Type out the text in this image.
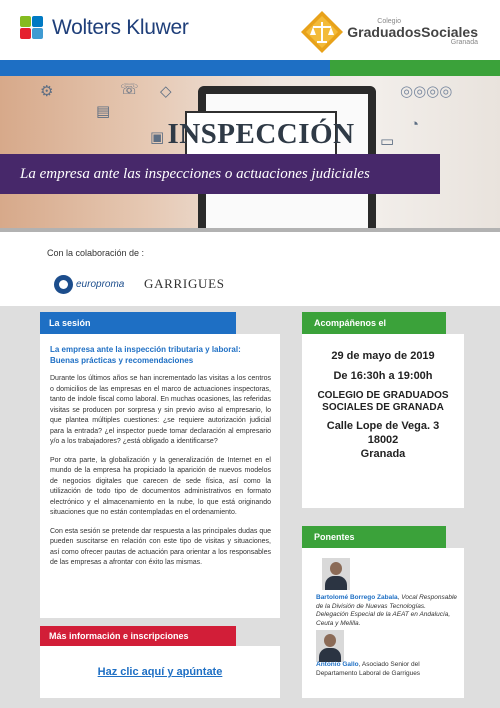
Wolters Kluwer	Colegio
GraduadosSociales
Granada
⚙	☏ ◇
▤
▣
◎◎◎◎
◔
▭
INSPECCIÓN
La empresa ante las inspecciones o actuaciones judiciales
Con la colaboración de :
europroma GARRIGUES
La sesión
La empresa ante la inspección tributaria y laboral: Buenas prácticas y recomendaciones

Durante los últimos años se han incrementado las visitas a los centros o domicilios de las empresas en el marco de actuaciones inspectoras, tanto de índole fiscal como laboral. En muchas ocasiones, las referidas visitas se producen por sorpresa y sin previo aviso al empresario, lo que plantea múltiples cuestiones: ¿se requiere autorización judicial para la entrada? ¿el inspector puede tomar declaración al empresario y/o a los trabajadores? ¿está obligado a identificarse?

Por otra parte, la globalización y la generalización de Internet en el mundo de la empresa ha propiciado la aparición de nuevos modelos de negocios digitales que carecen de sede física, así como la utilización de todo tipo de documentos administrativos en formato electrónico y el almacenamiento en la nube, lo que está originando situaciones que no están contempladas en el ordenamiento.

Con esta sesión se pretende dar respuesta a las principales dudas que pueden suscitarse en relación con este tipo de visitas y situaciones, así como ofrecer pautas de actuación para orientar a los responsables de las empresas a afrontar con éxito las mismas.

Más información e inscripciones
Haz clic aquí y apúntate
Acompáñenos el
29 de mayo de 2019
De 16:30h a 19:00h
COLEGIO DE GRADUADOS SOCIALES DE GRANADA
Calle Lope de Vega. 3
18002
Granada
Ponentes
Bartolomé Borrego Zabala, Vocal Responsable de la División de Nuevas Tecnologías. Delegación Especial de la AEAT en Andalucía, Ceuta y Melilla.
Antonio Gallo, Asociado Senior del Departamento Laboral de Garrigues
